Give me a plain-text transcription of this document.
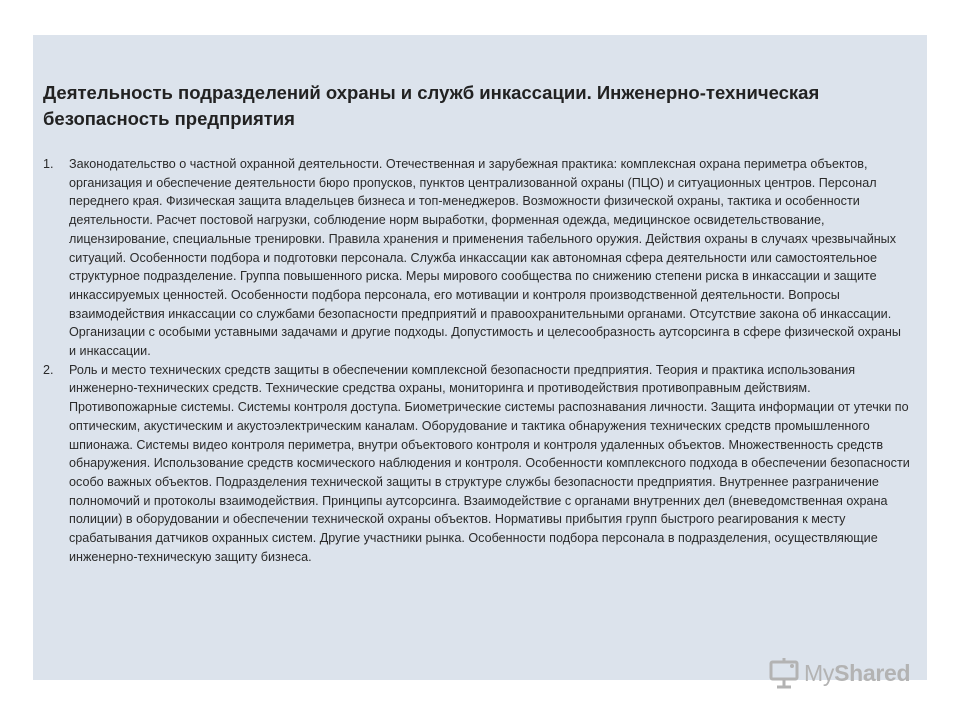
Деятельность подразделений охраны и служб инкассации. Инженерно-техническая безопасность предприятия
1. Законодательство о частной охранной деятельности. Отечественная и зарубежная практика: комплексная охрана периметра объектов, организация и обеспечение деятельности бюро пропусков, пунктов централизованной охраны (ПЦО) и ситуационных центров. Персонал переднего края. Физическая защита владельцев бизнеса и топ-менеджеров. Возможности физической охраны, тактика и особенности деятельности. Расчет постовой нагрузки, соблюдение норм выработки, форменная одежда, медицинское освидетельствование, лицензирование, специальные тренировки. Правила хранения и применения табельного оружия. Действия охраны в случаях чрезвычайных ситуаций. Особенности подбора и подготовки персонала. Служба инкассации как автономная сфера деятельности или самостоятельное структурное подразделение. Группа повышенного риска. Меры мирового сообщества по снижению степени риска в инкассации и защите инкассируемых ценностей. Особенности подбора персонала, его мотивации и контроля производственной деятельности. Вопросы взаимодействия инкассации со службами безопасности предприятий и правоохранительными органами. Отсутствие закона об инкассации. Организации с особыми уставными задачами и другие подходы. Допустимость и целесообразность аутсорсинга в сфере физической охраны и инкассации.
2. Роль и место технических средств защиты в обеспечении комплексной безопасности предприятия. Теория и практика использования инженерно-технических средств. Технические средства охраны, мониторинга и противодействия противоправным действиям. Противопожарные системы. Системы контроля доступа. Биометрические системы распознавания личности. Защита информации от утечки по оптическим, акустическим и акустоэлектрическим каналам. Оборудование и тактика обнаружения технических средств промышленного шпионажа. Системы видео контроля периметра, внутри объектового контроля и контроля удаленных объектов. Множественность средств обнаружения. Использование средств космического наблюдения и контроля. Особенности комплексного подхода в обеспечении безопасности особо важных объектов. Подразделения технической защиты в структуре службы безопасности предприятия. Внутреннее разграничение полномочий и протоколы взаимодействия. Принципы аутсорсинга. Взаимодействие с органами внутренних дел (вневедомственная охрана полиции) в оборудовании и обеспечении технической охраны объектов. Нормативы прибытия групп быстрого реагирования к месту срабатывания датчиков охранных систем. Другие участники рынка. Особенности подбора персонала в подразделения, осуществляющие инженерно-техническую защиту бизнеса.
MyShared
